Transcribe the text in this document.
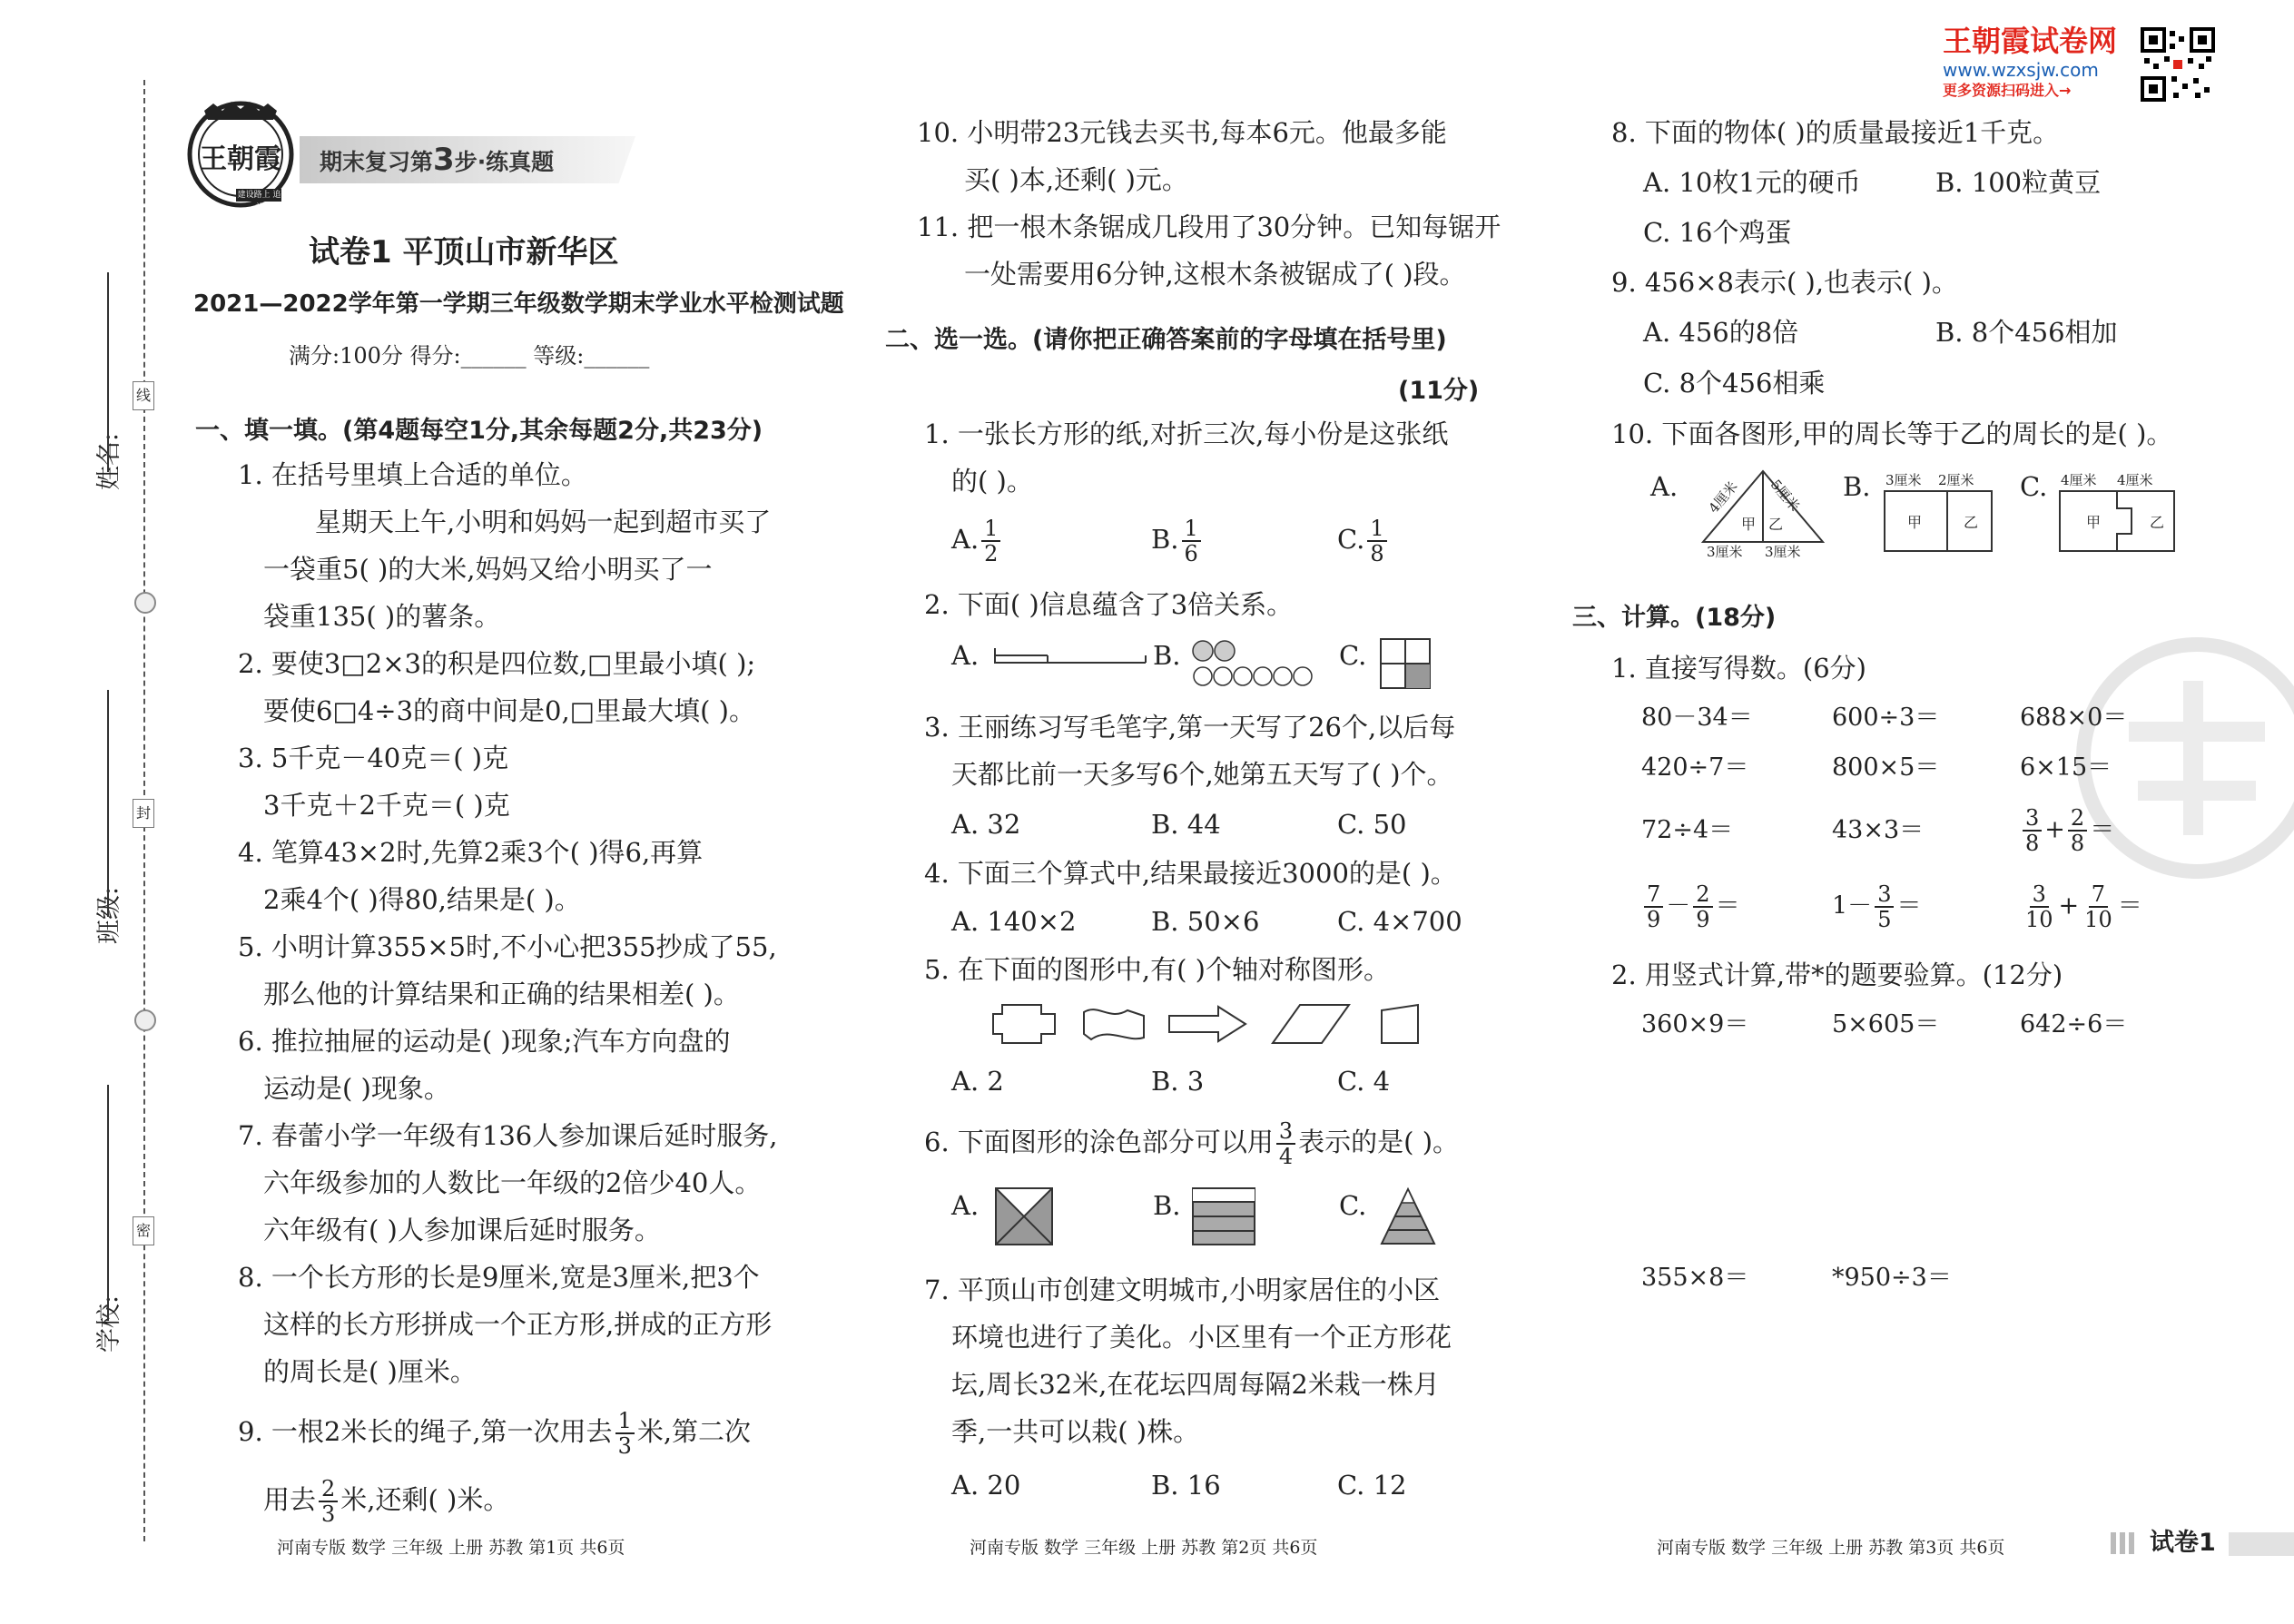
姓名:
班级:
学校:
线
封
密
王朝霞
建设路上 追梦前行
期末复习第3步·练真题
试卷1 平顶山市新华区
2021—2022学年第一学期三年级数学期末学业水平检测试题
满分:100分 得分:______ 等级:______
一、填一填。(第4题每空1分,其余每题2分,共23分)
1. 在括号里填上合适的单位。
星期天上午,小明和妈妈一起到超市买了
一袋重5( )的大米,妈妈又给小明买了一
袋重135( )的薯条。
2. 要使3□2×3的积是四位数,□里最小填( );
要使6□4÷3的商中间是0,□里最大填( )。
3. 5千克－40克＝( )克
3千克＋2千克＝( )克
4. 笔算43×2时,先算2乘3个( )得6,再算
2乘4个( )得80,结果是( )。
5. 小明计算355×5时,不小心把355抄成了55,
那么他的计算结果和正确的结果相差( )。
6. 推拉抽屉的运动是( )现象;汽车方向盘的
运动是( )现象。
7. 春蕾小学一年级有136人参加课后延时服务,
六年级参加的人数比一年级的2倍少40人。
六年级有( )人参加课后延时服务。
8. 一个长方形的长是9厘米,宽是3厘米,把3个
这样的长方形拼成一个正方形,拼成的正方形
的周长是( )厘米。
9. 一根2米长的绳子,第一次用去 $\frac{1}{3}$ 米,第二次
用去 $\frac{2}{3}$ 米,还剩( )米。
河南专版 数学 三年级 上册 苏教 第1页 共6页
10. 小明带23元钱去买书,每本6元。他最多能
买( )本,还剩( )元。
11. 把一根木条锯成几段用了30分钟。已知每锯开
一处需要用6分钟,这根木条被锯成了( )段。
二、选一选。(请你把正确答案前的字母填在括号里)
(11分)
1. 一张长方形的纸,对折三次,每小份是这张纸
的( )。
A. $\frac{1}{2}$	B. $\frac{1}{6}$	C. $\frac{1}{8}$
2. 下面( )信息蕴含了3倍关系。
A.	B.	C.
3. 王丽练习写毛笔字,第一天写了26个,以后每
天都比前一天多写6个,她第五天写了( )个。
A. 32	B. 44	C. 50
4. 下面三个算式中,结果最接近3000的是( )。
A. 140×2	B. 50×6	C. 4×700
5. 在下面的图形中,有( )个轴对称图形。
A. 2	B. 3	C. 4
6. 下面图形的涂色部分可以用 $\frac{3}{4}$ 表示的是( )。
A.	B.	C.
7. 平顶山市创建文明城市,小明家居住的小区
环境也进行了美化。小区里有一个正方形花
坛,周长32米,在花坛四周每隔2米栽一株月
季,一共可以栽( )株。
A. 20	B. 16	C. 12
河南专版 数学 三年级 上册 苏教 第2页 共6页
王朝霞试卷网
www.wzxsjw.com
更多资源扫码进入→
8. 下面的物体( )的质量最接近1千克。
A. 10枚1元的硬币	B. 100粒黄豆
C. 16个鸡蛋
9. 456×8表示( ),也表示( )。
A. 456的8倍	B. 8个456相加
C. 8个456相乘
10. 下面各图形,甲的周长等于乙的周长的是( )。
A. 4厘米 5厘米
甲 乙
3厘米 3厘米
B. 3厘米 2厘米
甲	乙
C. 4厘米 4厘米
甲	乙
三、计算。(18分)
1. 直接写得数。(6分)
80－34＝	600÷3＝	688×0＝
420÷7＝	800×5＝	6×15＝
72÷4＝	43×3＝	$\frac{3}{8} + \frac{2}{8}$ ＝
$\frac{7}{9} - \frac{2}{9}$ ＝	$1- \frac{3}{5}$ ＝	$\frac{3}{10} + \frac{7}{10}$ ＝
2. 用竖式计算,带*的题要验算。(12分)
360×9＝	5×605＝	642÷6＝
355×8＝	*950÷3＝
河南专版 数学 三年级 上册 苏教 第3页 共6页	试卷1
